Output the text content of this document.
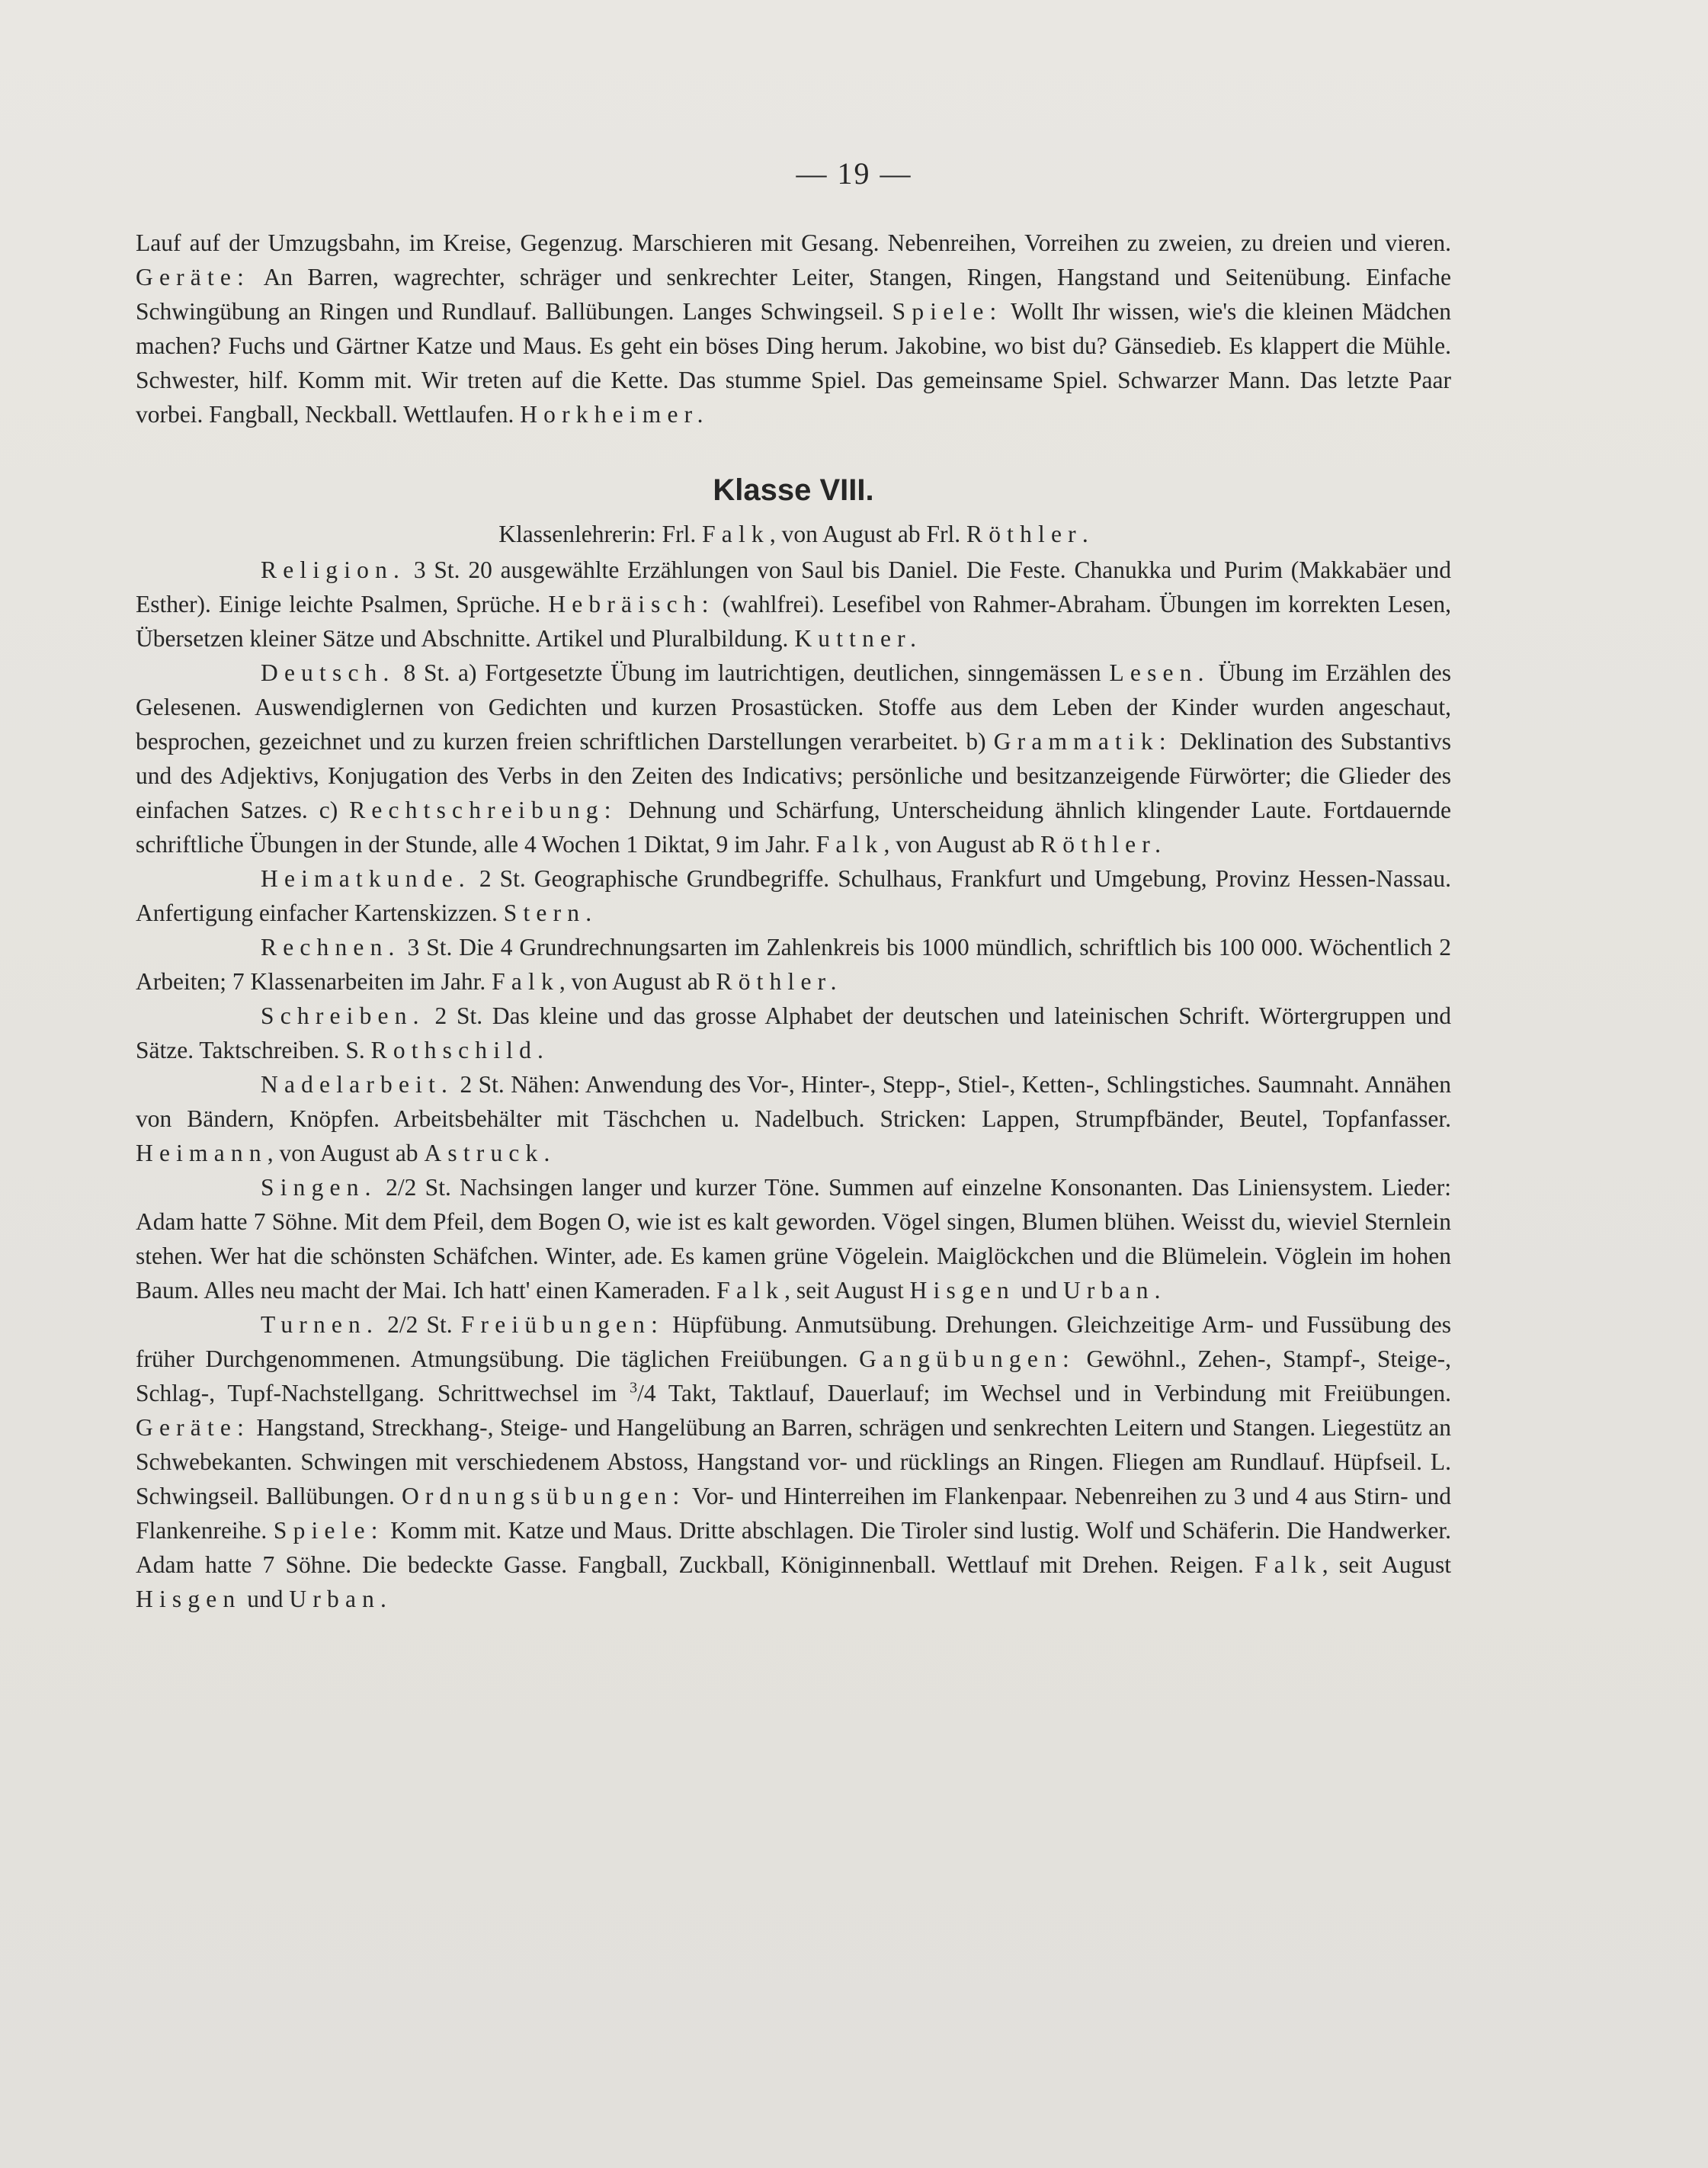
— 19 —

Lauf auf der Umzugsbahn, im Kreise, Gegenzug. Marschieren mit Gesang. Nebenreihen, Vorreihen zu zweien, zu dreien und vieren. Geräte: An Barren, wagrechter, schräger und senkrechter Leiter, Stangen, Ringen, Hangstand und Seitenübung. Einfache Schwingübung an Ringen und Rundlauf. Ballübungen. Langes Schwingseil. Spiele: Wollt Ihr wissen, wie's die kleinen Mädchen machen? Fuchs und Gärtner Katze und Maus. Es geht ein böses Ding herum. Jakobine, wo bist du? Gänsedieb. Es klappert die Mühle. Schwester, hilf. Komm mit. Wir treten auf die Kette. Das stumme Spiel. Das gemeinsame Spiel. Schwarzer Mann. Das letzte Paar vorbei. Fangball, Neckball. Wettlaufen. Horkheimer.

Klasse VIII.

Klassenlehrerin: Frl. Falk, von August ab Frl. Röthler.

Religion. 3 St. 20 ausgewählte Erzählungen von Saul bis Daniel. Die Feste. Chanukka und Purim (Makkabäer und Esther). Einige leichte Psalmen, Sprüche. Hebräisch: (wahlfrei). Lesefibel von Rahmer-Abraham. Übungen im korrekten Lesen, Übersetzen kleiner Sätze und Abschnitte. Artikel und Pluralbildung. Kuttner.

Deutsch. 8 St. a) Fortgesetzte Übung im lautrichtigen, deutlichen, sinngemässen Lesen. Übung im Erzählen des Gelesenen. Auswendiglernen von Gedichten und kurzen Prosastücken. Stoffe aus dem Leben der Kinder wurden angeschaut, besprochen, gezeichnet und zu kurzen freien schriftlichen Darstellungen verarbeitet. b) Grammatik: Deklination des Substantivs und des Adjektivs, Konjugation des Verbs in den Zeiten des Indicativs; persönliche und besitzanzeigende Fürwörter; die Glieder des einfachen Satzes. c) Rechtschreibung: Dehnung und Schärfung, Unterscheidung ähnlich klingender Laute. Fortdauernde schriftliche Übungen in der Stunde, alle 4 Wochen 1 Diktat, 9 im Jahr. Falk, von August ab Röthler.

Heimatkunde. 2 St. Geographische Grundbegriffe. Schulhaus, Frankfurt und Umgebung, Provinz Hessen-Nassau. Anfertigung einfacher Kartenskizzen. Stern.

Rechnen. 3 St. Die 4 Grundrechnungsarten im Zahlenkreis bis 1000 mündlich, schriftlich bis 100 000. Wöchentlich 2 Arbeiten; 7 Klassenarbeiten im Jahr. Falk, von August ab Röthler.

Schreiben. 2 St. Das kleine und das grosse Alphabet der deutschen und lateinischen Schrift. Wörtergruppen und Sätze. Taktschreiben. S. Rothschild.

Nadelarbeit. 2 St. Nähen: Anwendung des Vor-, Hinter-, Stepp-, Stiel-, Ketten-, Schlingstiches. Saumnaht. Annähen von Bändern, Knöpfen. Arbeitsbehälter mit Täschchen u. Nadelbuch. Stricken: Lappen, Strumpfbänder, Beutel, Topfanfasser. Heimann, von August ab Astruck.

Singen. 2/2 St. Nachsingen langer und kurzer Töne. Summen auf einzelne Konsonanten. Das Liniensystem. Lieder: Adam hatte 7 Söhne. Mit dem Pfeil, dem Bogen O, wie ist es kalt geworden. Vögel singen, Blumen blühen. Weisst du, wieviel Sternlein stehen. Wer hat die schönsten Schäfchen. Winter, ade. Es kamen grüne Vögelein. Maiglöckchen und die Blümelein. Vöglein im hohen Baum. Alles neu macht der Mai. Ich hatt' einen Kameraden. Falk, seit August Hisgen und Urban.

Turnen. 2/2 St. Freiübungen: Hüpfübung. Anmutsübung. Drehungen. Gleichzeitige Arm- und Fussübung des früher Durchgenommenen. Atmungsübung. Die täglichen Freiübungen. Gangübungen: Gewöhnl., Zehen-, Stampf-, Steige-, Schlag-, Tupf-Nachstellgang. Schrittwechsel im $^3$/4 Takt, Taktlauf, Dauerlauf; im Wechsel und in Verbindung mit Freiübungen. Geräte: Hangstand, Streckhang-, Steige- und Hangelübung an Barren, schrägen und senkrechten Leitern und Stangen. Liegestütz an Schwebekanten. Schwingen mit verschiedenem Abstoss, Hangstand vor- und rücklings an Ringen. Fliegen am Rundlauf. Hüpfseil. L. Schwingseil. Ballübungen. Ordnungsübungen: Vor- und Hinterreihen im Flankenpaar. Nebenreihen zu 3 und 4 aus Stirn- und Flankenreihe. Spiele: Komm mit. Katze und Maus. Dritte abschlagen. Die Tiroler sind lustig. Wolf und Schäferin. Die Handwerker. Adam hatte 7 Söhne. Die bedeckte Gasse. Fangball, Zuckball, Königinnenball. Wettlauf mit Drehen. Reigen. Falk, seit August Hisgen und Urban.
